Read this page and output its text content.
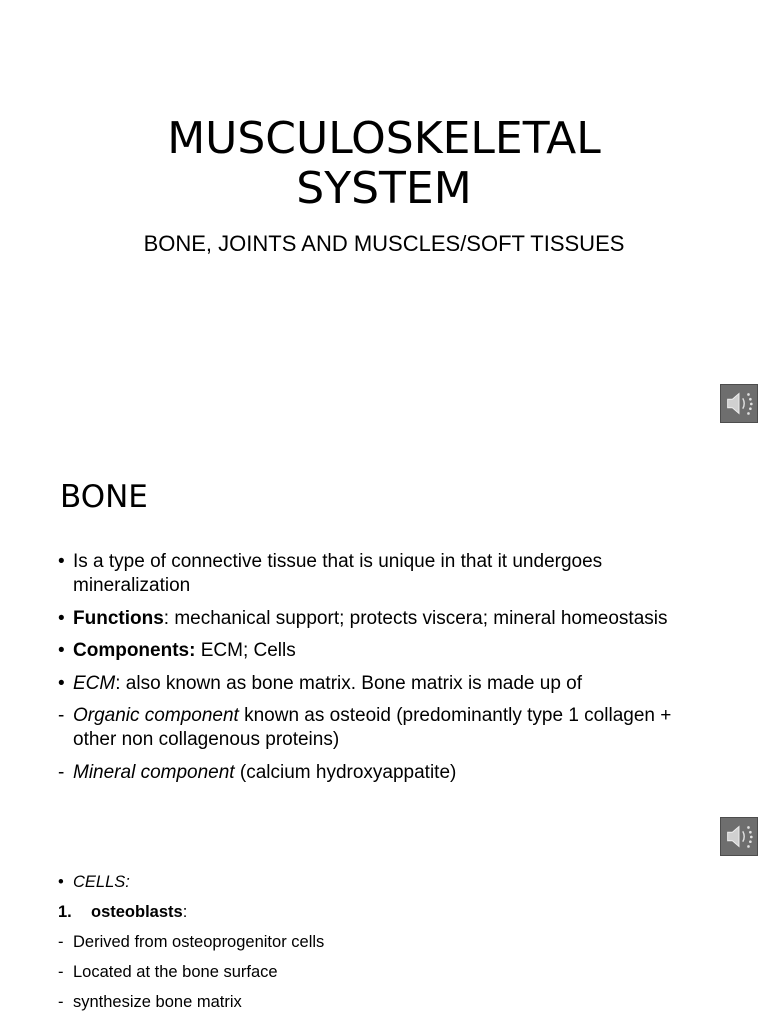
MUSCULOSKELETAL
SYSTEM
BONE, JOINTS AND MUSCLES/SOFT TISSUES
BONE
• Is a type of connective tissue that is unique in that it undergoes mineralization
• Functions: mechanical support; protects viscera; mineral homeostasis
• Components: ECM; Cells
• ECM: also known as bone matrix. Bone matrix is made up of
- Organic component known as osteoid (predominantly type 1 collagen + other non collagenous proteins)
- Mineral component (calcium hydroxyappatite)
• CELLS:
1. osteoblasts:
- Derived from osteoprogenitor cells
- Located at the bone surface
- synthesize bone matrix
